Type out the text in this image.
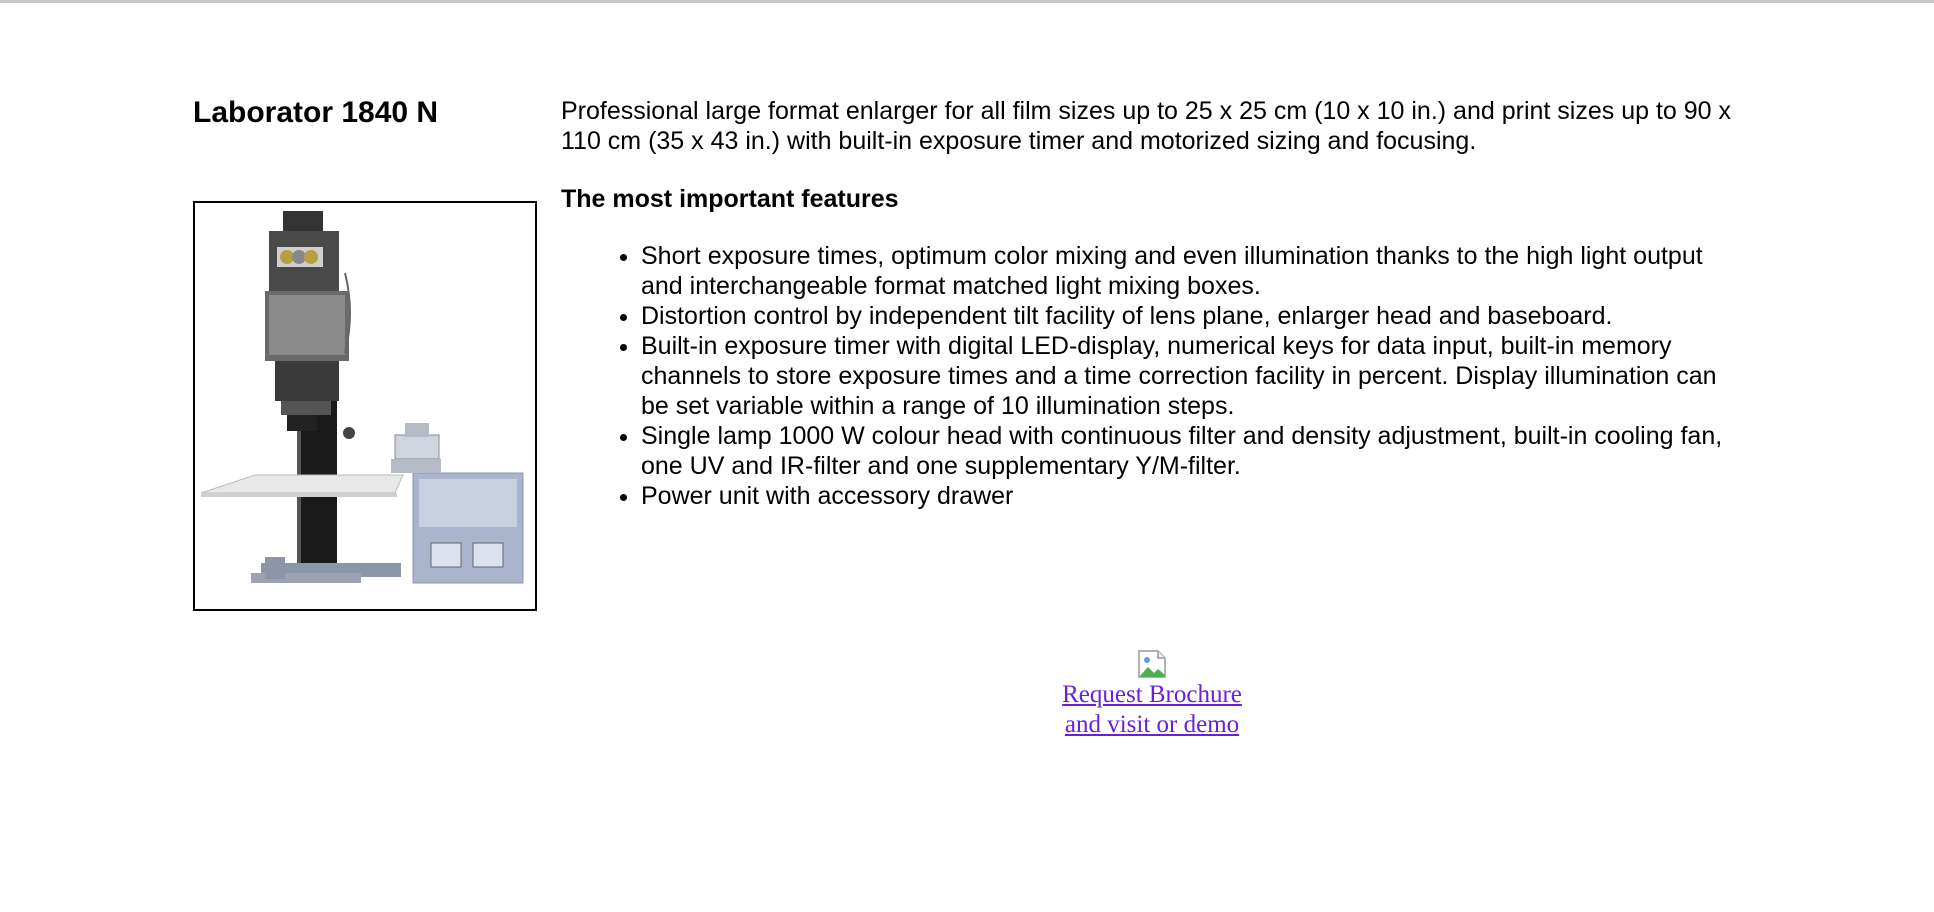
Laborator 1840 N	Professional large format enlarger for all film sizes up to 25 x 25 cm (10 x 10 in.) and print sizes up to 90 x 110 cm (35 x 43 in.) with built-in exposure timer and motorized sizing and focusing.

The most important features
• Short exposure times, optimum color mixing and even illumination thanks to the high light output and interchangeable format matched light mixing boxes.
• Distortion control by independent tilt facility of lens plane, enlarger head and baseboard.
• Built-in exposure timer with digital LED-display, numerical keys for data input, built-in memory channels to store exposure times and a time correction facility in percent. Display illumination can be set variable within a range of 10 illumination steps.
• Single lamp 1000 W colour head with continuous filter and density adjustment, built-in cooling fan, one UV and IR-filter and one supplementary Y/M-filter.
• Power unit with accessory drawer
Request Brochure
and visit or demo
